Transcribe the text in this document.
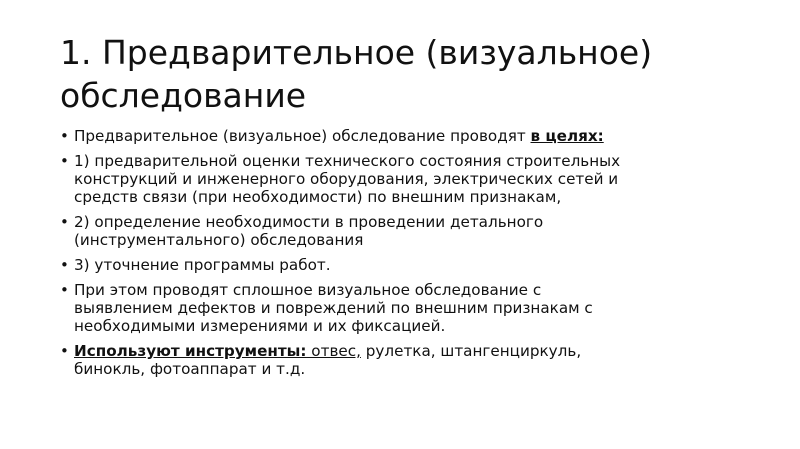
1. Предварительное (визуальное)
обследование
• Предварительное (визуальное) обследование проводят в целях:
• 1) предварительной оценки технического состояния строительных
конструкций и инженерного оборудования, электрических сетей и
средств связи (при необходимости) по внешним признакам,
• 2) определение необходимости в проведении детального
(инструментального) обследования
• 3) уточнение программы работ.
• При этом проводят сплошное визуальное обследование с
выявлением дефектов и повреждений по внешним признакам с
необходимыми измерениями и их фиксацией.
• Используют инструменты: отвес, рулетка, штангенциркуль,
бинокль, фотоаппарат и т.д.
